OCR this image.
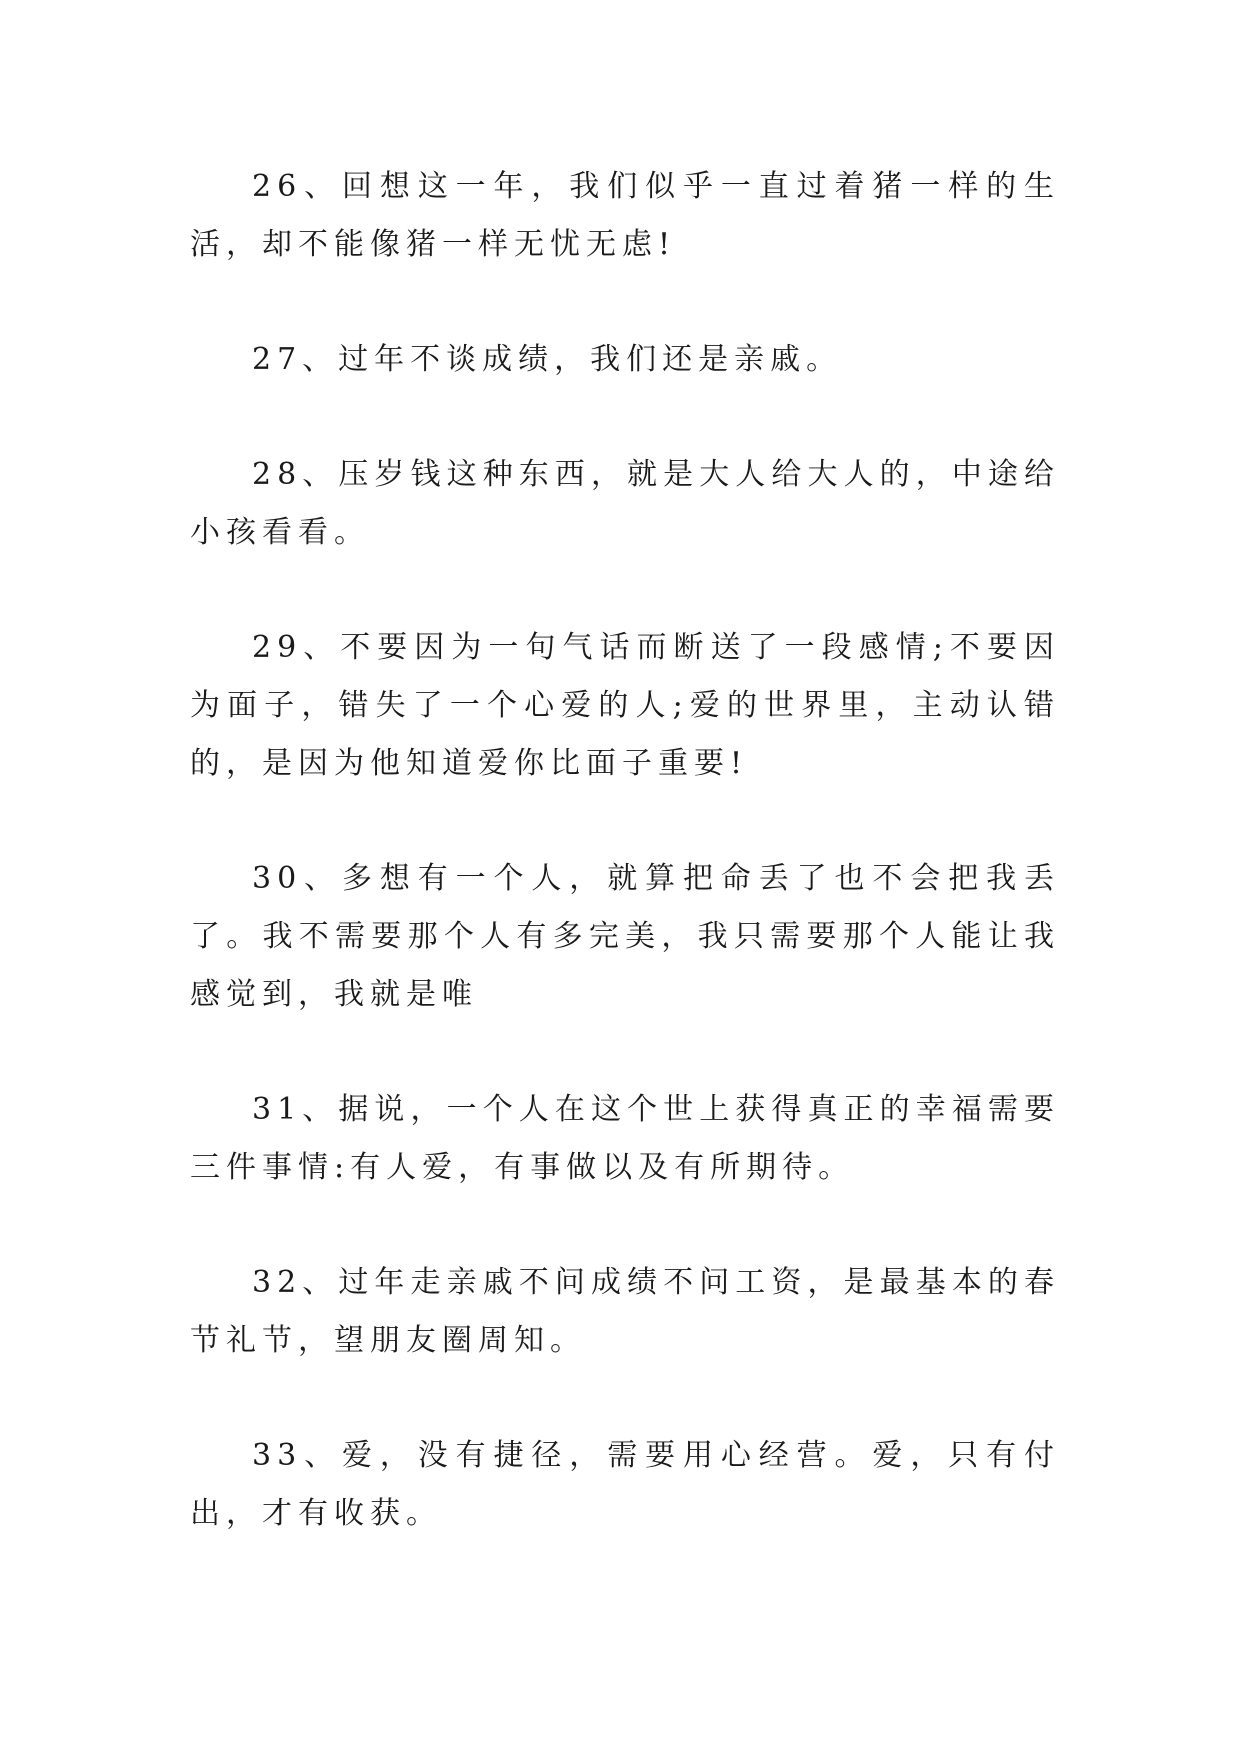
26、回想这一年，我们似乎一直过着猪一样的生活，却不能像猪一样无忧无虑!

27、过年不谈成绩，我们还是亲戚。

28、压岁钱这种东西，就是大人给大人的，中途给小孩看看。

29、不要因为一句气话而断送了一段感情;不要因为面子，错失了一个心爱的人;爱的世界里，主动认错的，是因为他知道爱你比面子重要!

30、多想有一个人，就算把命丢了也不会把我丢了。我不需要那个人有多完美，我只需要那个人能让我感觉到，我就是唯

31、据说，一个人在这个世上获得真正的幸福需要三件事情:有人爱，有事做以及有所期待。

32、过年走亲戚不问成绩不问工资，是最基本的春节礼节，望朋友圈周知。

33、爱，没有捷径，需要用心经营。爱，只有付出，才有收获。
